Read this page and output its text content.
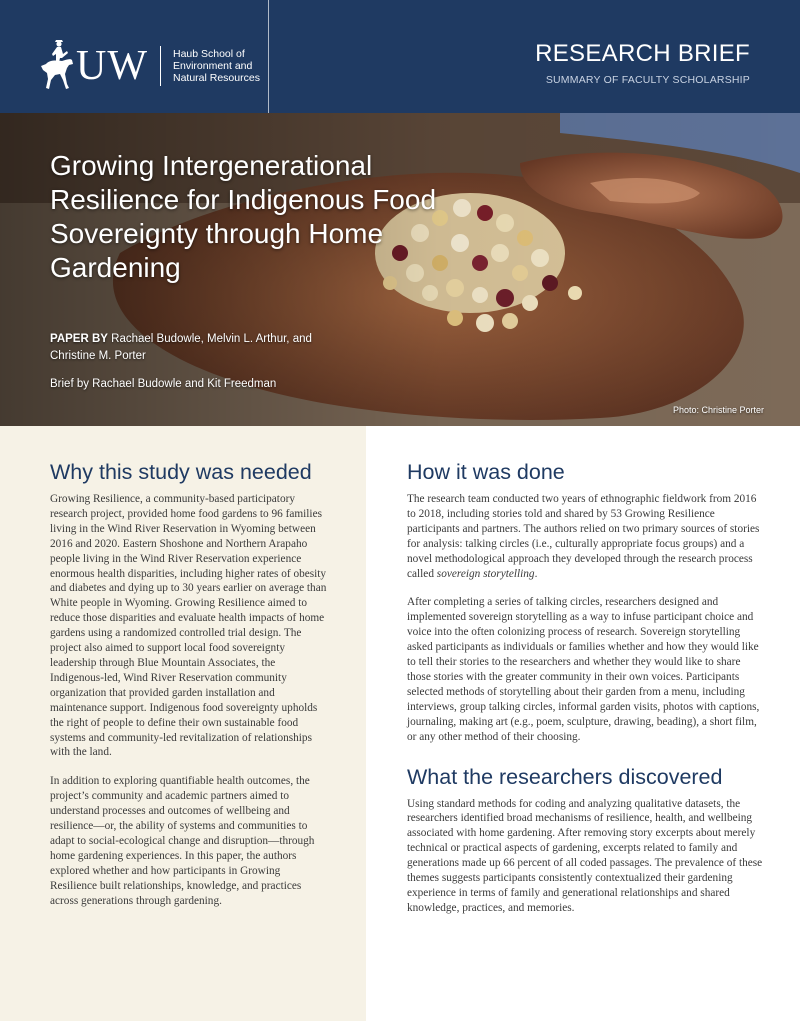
UW Haub School of
Environment and
Natural Resources
RESEARCH BRIEF
SUMMARY OF FACULTY SCHOLARSHIP
Growing Intergenerational Resilience for Indigenous Food Sovereignty through Home Gardening
PAPER BY Rachael Budowle, Melvin L. Arthur, and Christine M. Porter
Brief by Rachael Budowle and Kit Freedman
Photo: Christine Porter
Why this study was needed

Growing Resilience, a community-based participatory research project, provided home food gardens to 96 families living in the Wind River Reservation in Wyoming between 2016 and 2020. Eastern Shoshone and Northern Arapaho people living in the Wind River Reservation experience enormous health disparities, including higher rates of obesity and diabetes and dying up to 30 years earlier on average than White people in Wyoming. Growing Resilience aimed to reduce those disparities and evaluate health impacts of home gardens using a randomized controlled trial design. The project also aimed to support local food sovereignty leadership through Blue Mountain Associates, the Indigenous-led, Wind River Reservation community organization that provided garden installation and maintenance support. Indigenous food sovereignty upholds the right of people to define their own sustainable food systems and community-led revitalization of relationships with the land.

In addition to exploring quantifiable health outcomes, the project’s community and academic partners aimed to understand processes and outcomes of wellbeing and resilience—or, the ability of systems and communities to adapt to social-ecological change and disruption—through home gardening experiences. In this paper, the authors explored whether and how participants in Growing Resilience built relationships, knowledge, and practices across generations through gardening.

How it was done

The research team conducted two years of ethnographic fieldwork from 2016 to 2018, including stories told and shared by 53 Growing Resilience participants and partners. The authors relied on two primary sources of stories for analysis: talking circles (i.e., culturally appropriate focus groups) and a novel methodological approach they developed through the research process called sovereign storytelling.

After completing a series of talking circles, researchers designed and implemented sovereign storytelling as a way to infuse participant choice and voice into the often colonizing process of research. Sovereign storytelling asked participants as individuals or families whether and how they would like to tell their stories to the researchers and whether they would like to share those stories with the greater community in their own voices. Participants selected methods of storytelling about their garden from a menu, including interviews, group talking circles, informal garden visits, photos with captions, journaling, making art (e.g., poem, sculpture, drawing, beading), a short film, or any other method of their choosing.

What the researchers discovered

Using standard methods for coding and analyzing qualitative datasets, the researchers identified broad mechanisms of resilience, health, and wellbeing associated with home gardening. After removing story excerpts about merely technical or practical aspects of gardening, excerpts related to family and generations made up 66 percent of all coded passages. The prevalence of these themes suggests participants consistently contextualized their gardening experience in terms of family and generational relationships and shared knowledge, practices, and memories.
